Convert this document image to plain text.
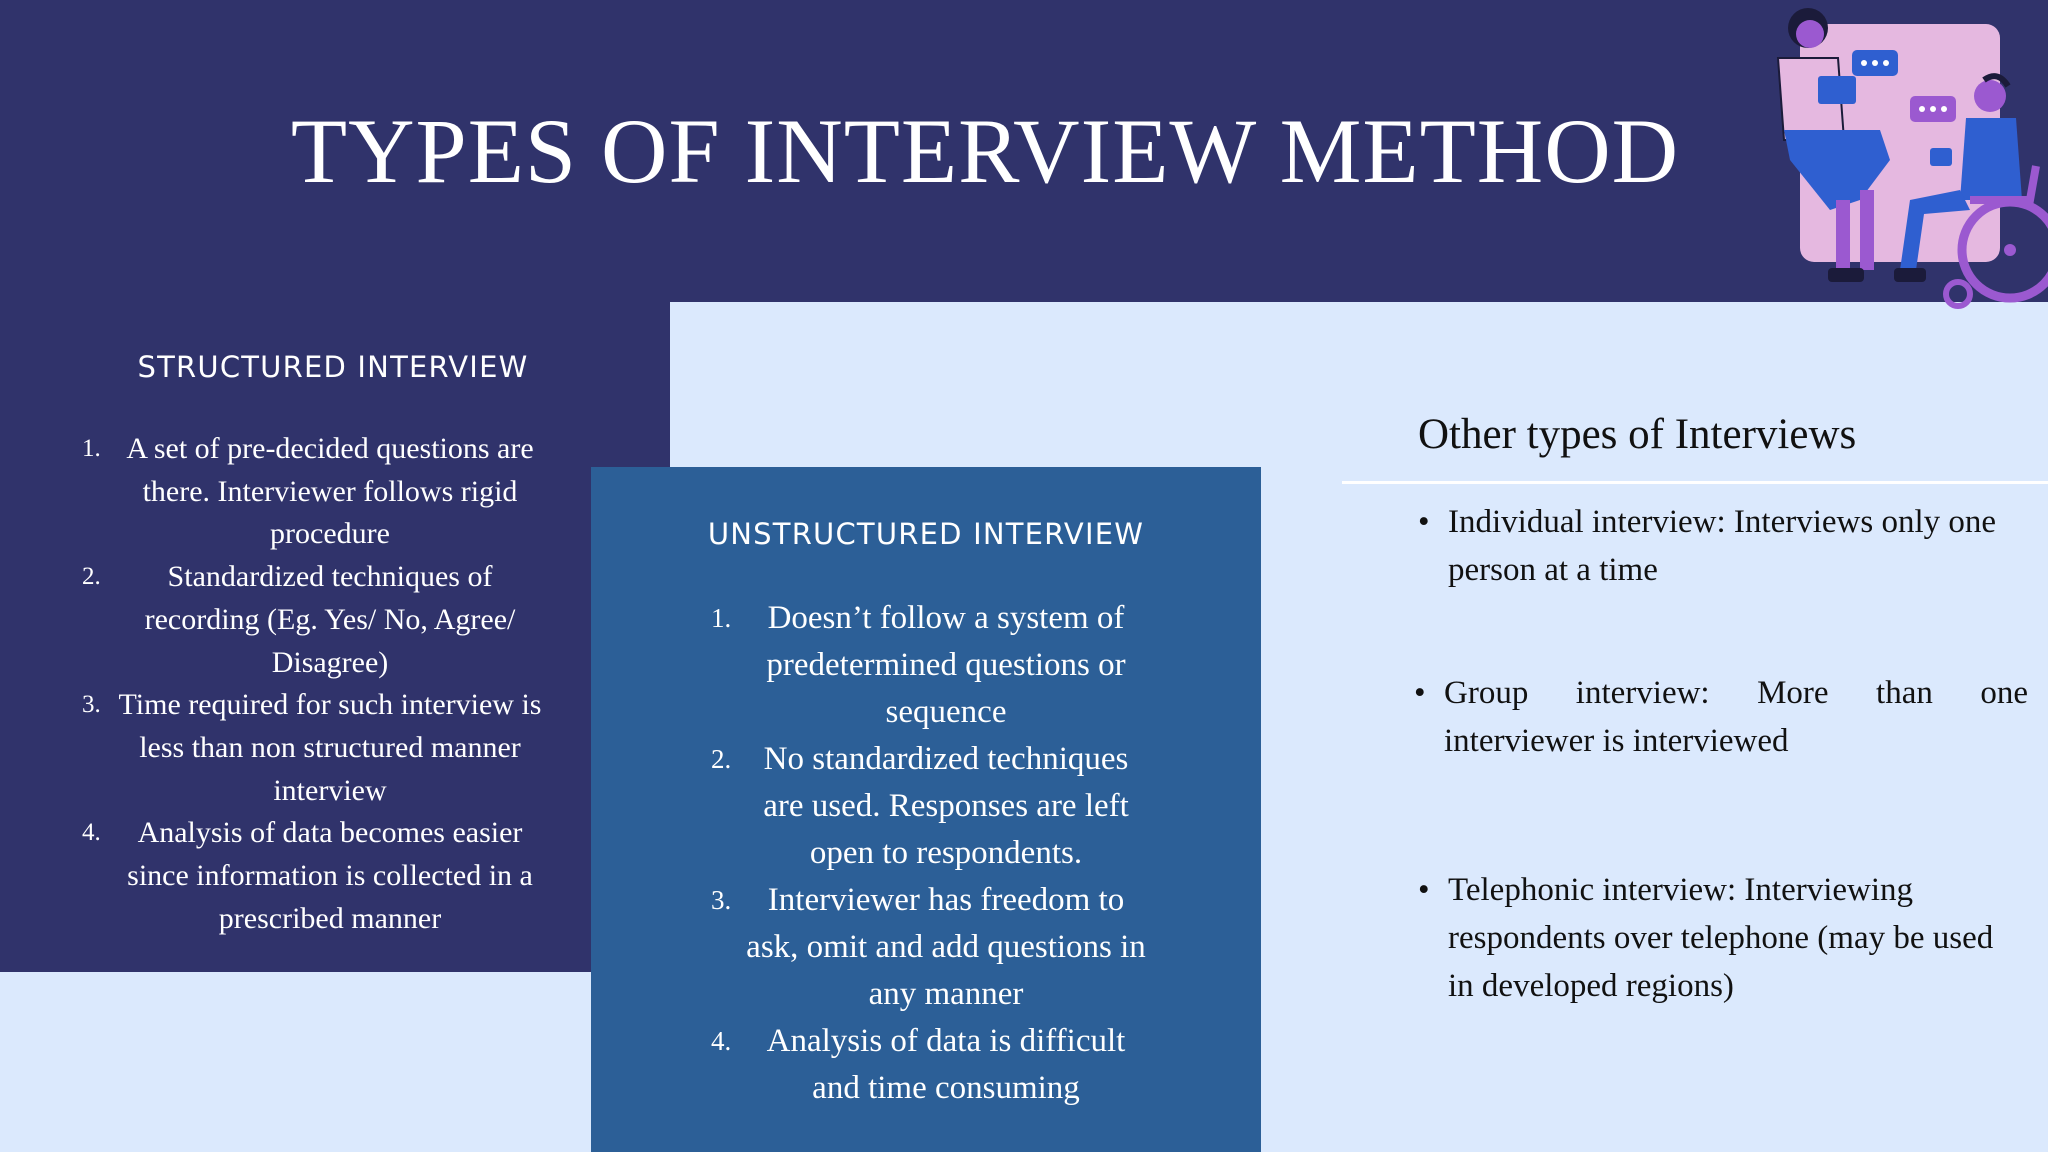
TYPES OF INTERVIEW METHOD
STRUCTURED INTERVIEW
1. A set of pre-decided questions are there. Interviewer follows rigid procedure
2. Standardized techniques of recording (Eg. Yes/ No, Agree/ Disagree)
3. Time required for such interview is less than non structured manner interview
4. Analysis of data becomes easier since information is collected in a prescribed manner
UNSTRUCTURED INTERVIEW
1. Doesn’t follow a system of predetermined questions or sequence
2. No standardized techniques are used. Responses are left open to respondents.
3. Interviewer has freedom to ask, omit and add questions in any manner
4. Analysis of data is difficult and time consuming
Other types of Interviews
• Individual interview: Interviews only one person at a time
• Group interview: More than one interviewer is interviewed
• Telephonic interview: Interviewing respondents over telephone (may be used in developed regions)
